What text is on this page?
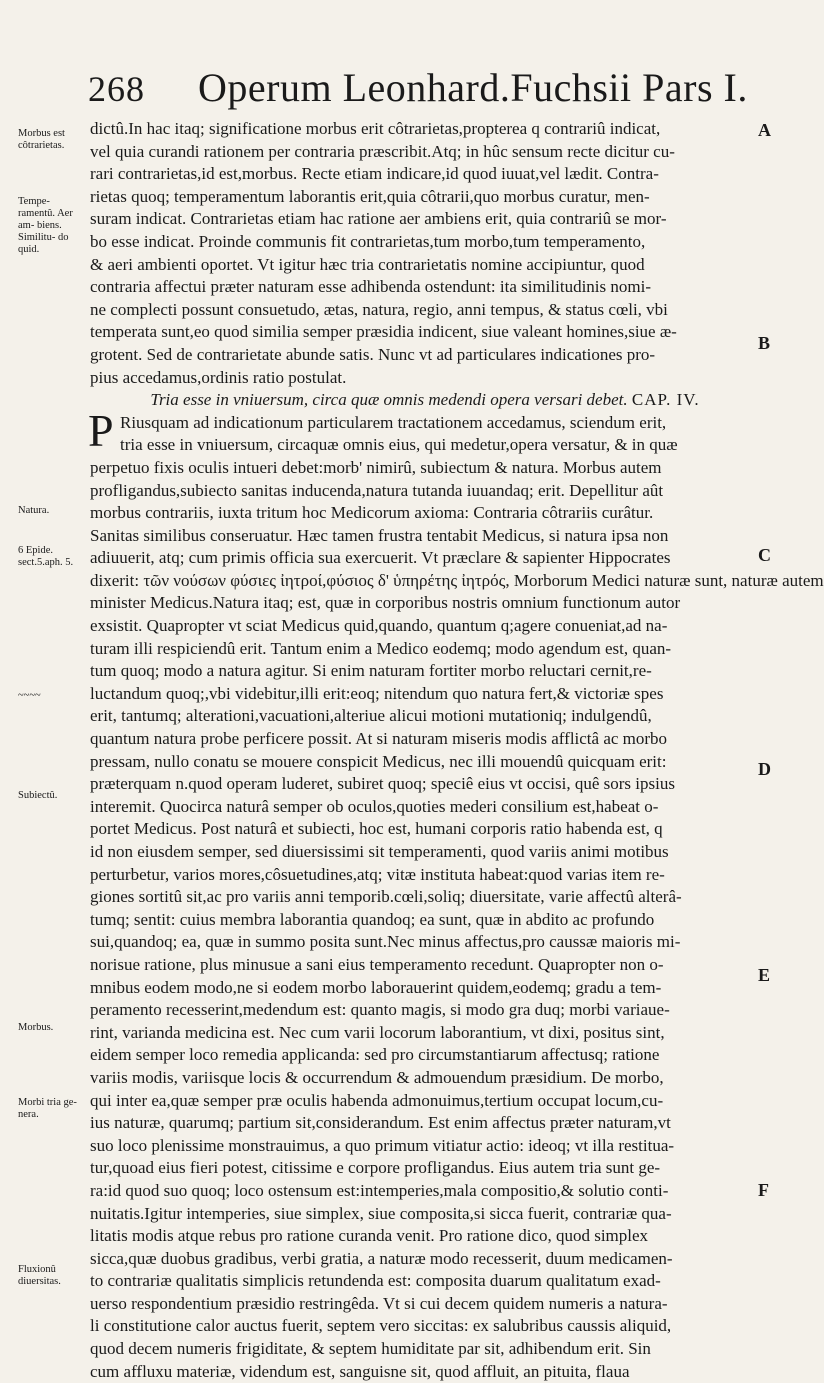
268 Operum Leonhard.Fuchsii Pars I.
dictû.In hac itaq; significatione morbus erit côtrarietas,propterea q contrariû indicat,
vel quia curandi rationem per contraria præscribit.Atq; in hûc sensum recte dicitur cu-
rari contrarietas,id est,morbus. Recte etiam indicare,id quod iuuat,vel lædit. Contra-
rietas quoq; temperamentum laborantis erit,quia côtrarii,quo morbus curatur, men-
suram indicat. Contrarietas etiam hac ratione aer ambiens erit, quia contrariû se mor-
bo esse indicat. Proinde communis fit contrarietas,tum morbo,tum temperamento,
& aeri ambienti oportet. Vt igitur hæc tria contrarietatis nomine accipiuntur, quod
contraria affectui præter naturam esse adhibenda ostendunt: ita similitudinis nomi-
ne complecti possunt consuetudo, ætas, natura, regio, anni tempus, & status cœli, vbi
temperata sunt,eo quod similia semper præsidia indicent, siue valeant homines,siue æ-
grotent. Sed de contrarietate abunde satis. Nunc vt ad particulares indicationes pro-
pius accedamus,ordinis ratio postulat.
Tria esse in vniuersum, circa quæ omnis medendi opera versari debet. CAP. IV.
P Riusquam ad indicationum particularem tractationem accedamus, sciendum erit,
tria esse in vniuersum, circaquæ omnis eius, qui medetur,opera versatur, & in quæ
perpetuo fixis oculis intueri debet:morb' nimirû, subiectum & natura. Morbus autem
profligandus,subiecto sanitas inducenda,natura tutanda iuuandaq; erit. Depellitur aût
morbus contrariis, iuxta tritum hoc Medicorum axioma: Contraria côtrariis curâtur.
Sanitas similibus conseruatur. Hæc tamen frustra tentabit Medicus, si natura ipsa non
adiuuerit, atq; cum primis officia sua exercuerit. Vt præclare & sapienter Hippocrates
dixerit: τῶν νούσων φύσιες ἰητροί,φύσιος δ' ὑπηρέτης ἰητρός, Morborum Medici naturæ sunt, naturæ autem
minister Medicus.Natura itaq; est, quæ in corporibus nostris omnium functionum autor
exsistit. Quapropter vt sciat Medicus quid,quando, quantum q;agere conueniat,ad na-
turam illi respiciendû erit. Tantum enim a Medico eodemq; modo agendum est, quan-
tum quoq; modo a natura agitur. Si enim naturam fortiter morbo reluctari cernit,re-
luctandum quoq;,vbi videbitur,illi erit:eoq; nitendum quo natura fert,& victoriæ spes
erit, tantumq; alterationi,vacuationi,alteriue alicui motioni mutationiq; indulgendû,
quantum natura probe perficere possit. At si naturam miseris modis afflictâ ac morbo
pressam, nullo conatu se mouere conspicit Medicus, nec illi mouendû quicquam erit:
præterquam n.quod operam luderet, subiret quoq; speciê eius vt occisi, quê sors ipsius
interemit. Quocirca naturâ semper ob oculos,quoties mederi consilium est,habeat o-
portet Medicus. Post naturâ et subiecti, hoc est, humani corporis ratio habenda est, q
id non eiusdem semper, sed diuersissimi sit temperamenti, quod variis animi motibus
perturbetur, varios mores,côsuetudines,atq; vitæ instituta habeat:quod varias item re-
giones sortitû sit,ac pro variis anni temporib.cœli,soliq; diuersitate, varie affectû alterâ-
tumq; sentit: cuius membra laborantia quandoq; ea sunt, quæ in abdito ac profundo
sui,quandoq; ea, quæ in summo posita sunt.Nec minus affectus,pro caussæ maioris mi-
norisue ratione, plus minusue a sani eius temperamento recedunt. Quapropter non o-
mnibus eodem modo,ne si eodem morbo laborauerint quidem,eodemq; gradu a tem-
peramento recesserint,medendum est: quanto magis, si modo gra duq; morbi variaue-
rint, varianda medicina est. Nec cum varii locorum laborantium, vt dixi, positus sint,
eidem semper loco remedia applicanda: sed pro circumstantiarum affectusq; ratione
variis modis, variisque locis & occurrendum & admouendum præsidium. De morbo,
qui inter ea,quæ semper præ oculis habenda admonuimus,tertium occupat locum,cu-
ius naturæ, quarumq; partium sit,considerandum. Est enim affectus præter naturam,vt
suo loco plenissime monstrauimus, a quo primum vitiatur actio: ideoq; vt illa restitua-
tur,quoad eius fieri potest, citissime e corpore profligandus. Eius autem tria sunt ge-
ra:id quod suo quoq; loco ostensum est:intemperies,mala compositio,& solutio conti-
nuitatis.Igitur intemperies, siue simplex, siue composita,si sicca fuerit, contrariæ qua-
litatis modis atque rebus pro ratione curanda venit. Pro ratione dico, quod simplex
sicca,quæ duobus gradibus, verbi gratia, a naturæ modo recesserit, duum medicamen-
to contrariæ qualitatis simplicis retundenda est: composita duarum qualitatum exad-
uerso respondentium præsidio restringêda. Vt si cui decem quidem numeris a natura-
li constitutione calor auctus fuerit, septem vero siccitas: ex salubribus caussis aliquid,
quod decem numeris frigiditate, & septem humiditate par sit, adhibendum erit. Sin
cum affluxu materiæ, videndum est, sanguisne sit, quod affluit, an pituita, flaua
Morbus est côtrarietas.
Tempe- ramentû. Aer am- biens. Similitu- do quid.
Natura.
6 Epide. sect.5.aph. 5.
~~~~
Subiectû.
Morbus.
Morbi tria ge- nera.
Fluxionû diuersitas.
A
B
C
D
E
F
